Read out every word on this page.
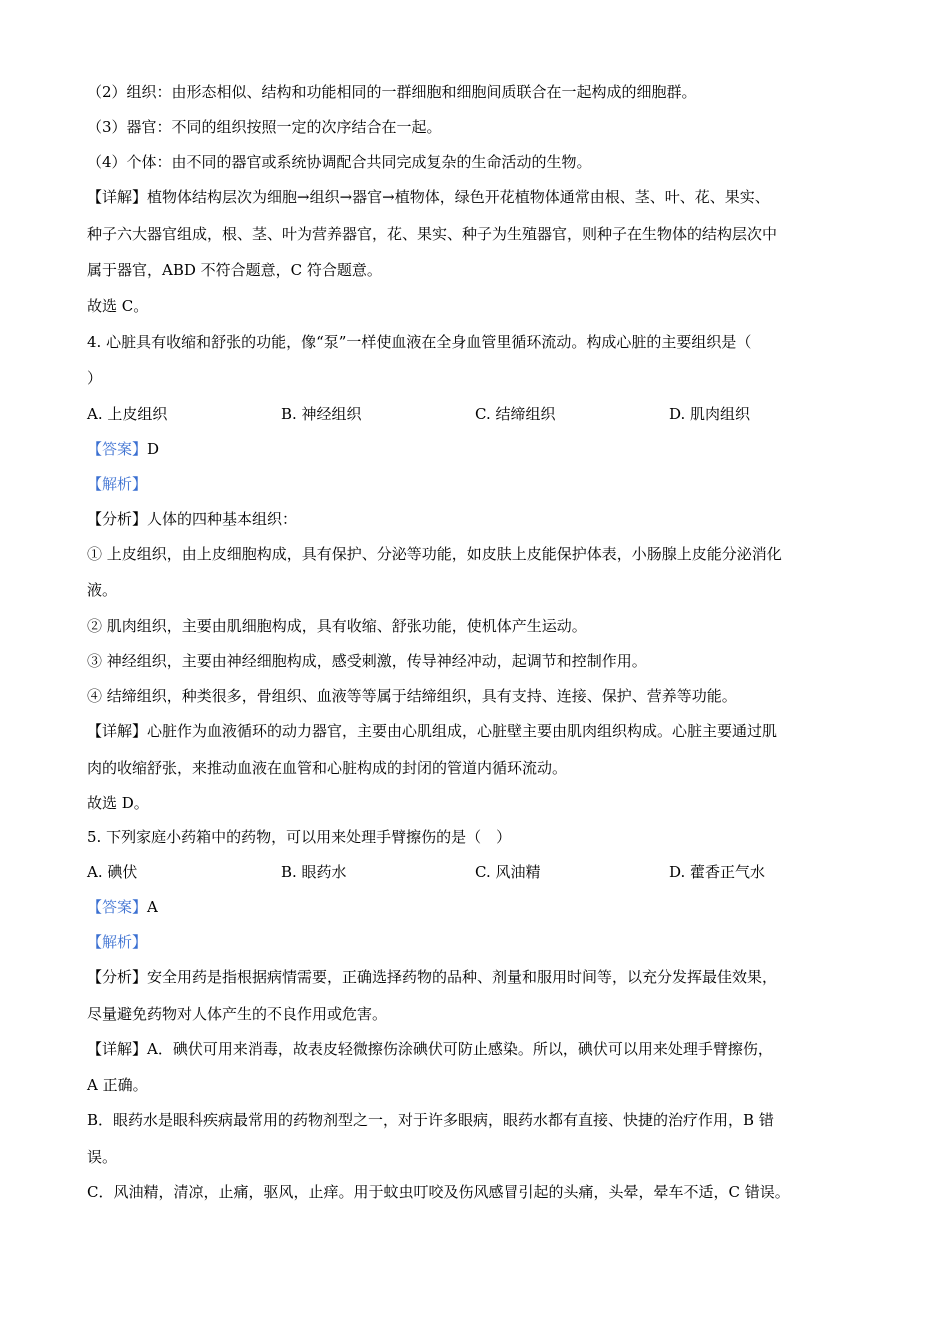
（2）组织：由形态相似、结构和功能相同的一群细胞和细胞间质联合在一起构成的细胞群。
（3）器官：不同的组织按照一定的次序结合在一起。
（4）个体：由不同的器官或系统协调配合共同完成复杂的生命活动的生物。
【详解】植物体结构层次为细胞→组织→器官→植物体，绿色开花植物体通常由根、茎、叶、花、果实、
种子六大器官组成，根、茎、叶为营养器官，花、果实、种子为生殖器官，则种子在生物体的结构层次中
属于器官，ABD 不符合题意，C 符合题意。
故选 C。
4. 心脏具有收缩和舒张的功能，像“泵”一样使血液在全身血管里循环流动。构成心脏的主要组织是（
）
A. 上皮组织	B. 神经组织	C. 结缔组织	D. 肌肉组织
【答案】D
【解析】
【分析】人体的四种基本组织：
① 上皮组织，由上皮细胞构成，具有保护、分泌等功能，如皮肤上皮能保护体表，小肠腺上皮能分泌消化
液。
② 肌肉组织，主要由肌细胞构成，具有收缩、舒张功能，使机体产生运动。
③ 神经组织，主要由神经细胞构成，感受刺激，传导神经冲动，起调节和控制作用。
④ 结缔组织，种类很多，骨组织、血液等等属于结缔组织，具有支持、连接、保护、营养等功能。
【详解】心脏作为血液循环的动力器官，主要由心肌组成，心脏壁主要由肌肉组织构成。心脏主要通过肌
肉的收缩舒张，来推动血液在血管和心脏构成的封闭的管道内循环流动。
故选 D。
5. 下列家庭小药箱中的药物，可以用来处理手臂擦伤的是（　）
A. 碘伏	B. 眼药水	C. 风油精	D. 藿香正气水
【答案】A
【解析】
【分析】安全用药是指根据病情需要，正确选择药物的品种、剂量和服用时间等，以充分发挥最佳效果，
尽量避免药物对人体产生的不良作用或危害。
【详解】A．碘伏可用来消毒，故表皮轻微擦伤涂碘伏可防止感染。所以，碘伏可以用来处理手臂擦伤，
A 正确。
B．眼药水是眼科疾病最常用的药物剂型之一，对于许多眼病，眼药水都有直接、快捷的治疗作用，B 错
误。
C．风油精，清凉，止痛，驱风，止痒。用于蚊虫叮咬及伤风感冒引起的头痛，头晕，晕车不适，C 错误。
